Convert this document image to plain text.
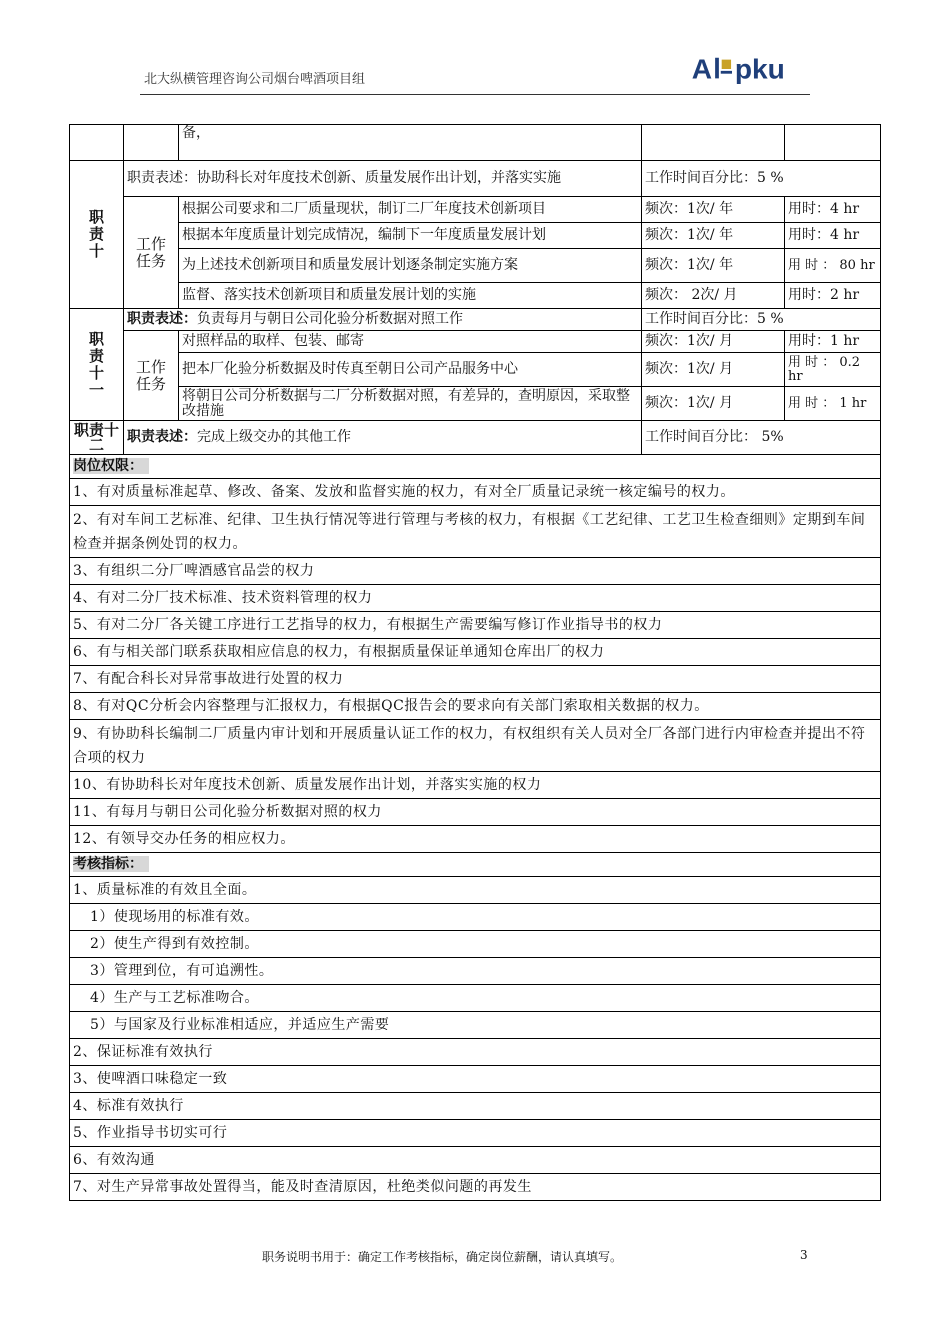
北大纵横管理咨询公司烟台啤酒项目组	A pku
		备，		

职责十	职责表述：协助科长对年度技术创新、质量发展作出计划，并落实实施		工作时间百分比：5 %	

	工作任务	根据公司要求和二厂质量现状，制订二厂年度技术创新项目	频次：1次/ 年	用时：4 hr
		根据本年度质量计划完成情况，编制下一年度质量发展计划	频次：1次/ 年	用时：4 hr
		为上述技术创新项目和质量发展计划逐条制定实施方案	频次：1次/ 年	用 时 ： 80 hr
		监督、落实技术创新项目和质量发展计划的实施	频次： 2次/ 月	用时：2 hr

职责十一	职责表述：负责每月与朝日公司化验分析数据对照工作		工作时间百分比：5 %	

	工作任务	对照样品的取样、包装、邮寄	频次：1次/ 月	用时：1 hr
		把本厂化验分析数据及时传真至朝日公司产品服务中心	频次：1次/ 月	用 时 ： 0.2 hr
		将朝日公司分析数据与二厂分析数据对照，有差异的，查明原因，采取整改措施	频次：1次/ 月	用 时 ： 1 hr
职责十二	职责表述：完成上级交办的其他工作		工作时间百分比： 5%	
岗位权限：				
1、有对质量标准起草、修改、备案、发放和监督实施的权力，有对全厂质量记录统一核定编号的权力。				
2、有对车间工艺标准、纪律、卫生执行情况等进行管理与考核的权力，有根据《工艺纪律、工艺卫生检查细则》定期到车间检查并据条例处罚的权力。				
3、有组织二分厂啤酒感官品尝的权力				
4、有对二分厂技术标准、技术资料管理的权力				
5、有对二分厂各关键工序进行工艺指导的权力，有根据生产需要编写修订作业指导书的权力				
6、有与相关部门联系获取相应信息的权力，有根据质量保证单通知仓库出厂的权力				
7、有配合科长对异常事故进行处置的权力				
8、有对QC分析会内容整理与汇报权力，有根据QC报告会的要求向有关部门索取相关数据的权力。				
9、有协助科长编制二厂质量内审计划和开展质量认证工作的权力，有权组织有关人员对全厂各部门进行内审检查并提出不符合项的权力				
10、有协助科长对年度技术创新、质量发展作出计划，并落实实施的权力				
11、有每月与朝日公司化验分析数据对照的权力				
12、有领导交办任务的相应权力。				
考核指标：				
1、质量标准的有效且全面。				
1）使现场用的标准有效。				
2）使生产得到有效控制。				
3）管理到位，有可追溯性。				
4）生产与工艺标准吻合。				
5）与国家及行业标准相适应，并适应生产需要				
2、保证标准有效执行				
3、使啤酒口味稳定一致				
4、标准有效执行				
5、作业指导书切实可行				
6、有效沟通				
7、对生产异常事故处置得当，能及时查清原因，杜绝类似问题的再发生				
职务说明书用于：确定工作考核指标，确定岗位薪酬，请认真填写。	3
